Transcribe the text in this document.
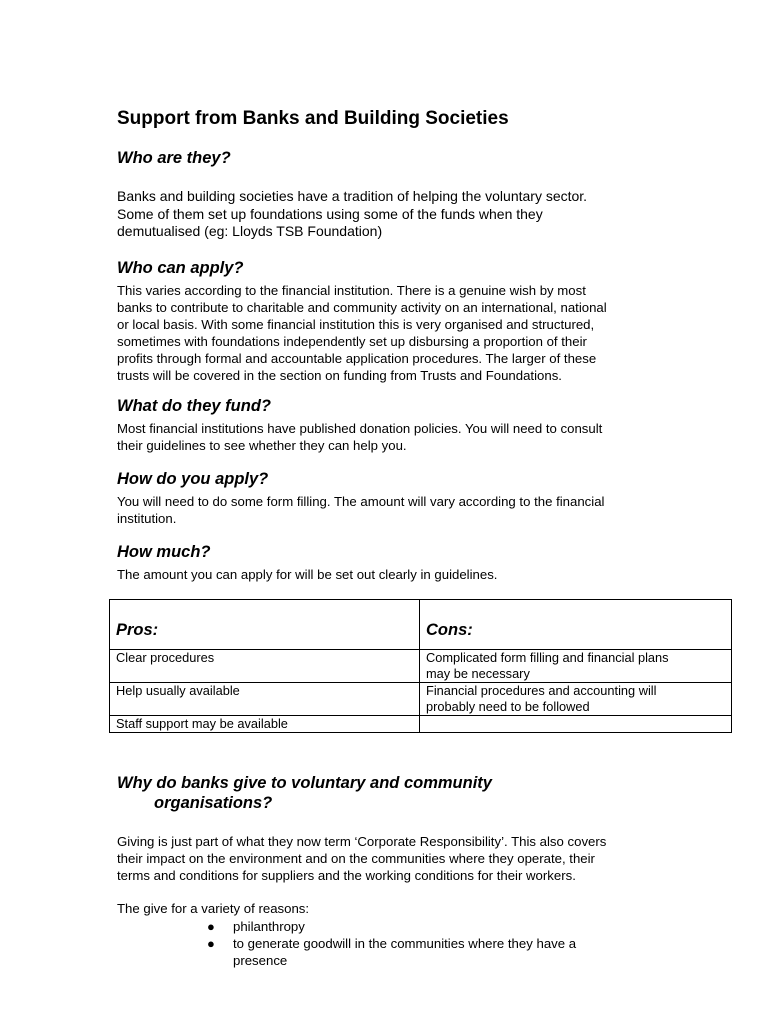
Support from Banks and Building Societies
Who are they?
Banks and building societies have a tradition of helping the voluntary sector.
Some of them set up foundations using some of the funds when they
demutualised (eg: Lloyds TSB Foundation)
Who can apply?
This varies according to the financial institution. There is a genuine wish by most
banks to contribute to charitable and community activity on an international, national
or local basis. With some financial institution this is very organised and structured,
sometimes with foundations independently set up disbursing a proportion of their
profits through formal and accountable application procedures. The larger of these
trusts will be covered in the section on funding from Trusts and Foundations.
What do they fund?
Most financial institutions have published donation policies. You will need to consult
their guidelines to see whether they can help you.
How do you apply?
You will need to do some form filling. The amount will vary according to the financial
institution.
How much?
The amount you can apply for will be set out clearly in guidelines.
Pros:	Cons:

Clear procedures	Complicated form filling and financial plans
may be necessary

Help usually available	Financial procedures and accounting will
probably need to be followed

Staff support may be available	

Why do banks give to voluntary and community
organisations?
Giving is just part of what they now term ‘Corporate Responsibility’. This also covers
their impact on the environment and on the communities where they operate, their
terms and conditions for suppliers and the working conditions for their workers.
The give for a variety of reasons:
●	philanthropy
●	to generate goodwill in the communities where they have a
presence
